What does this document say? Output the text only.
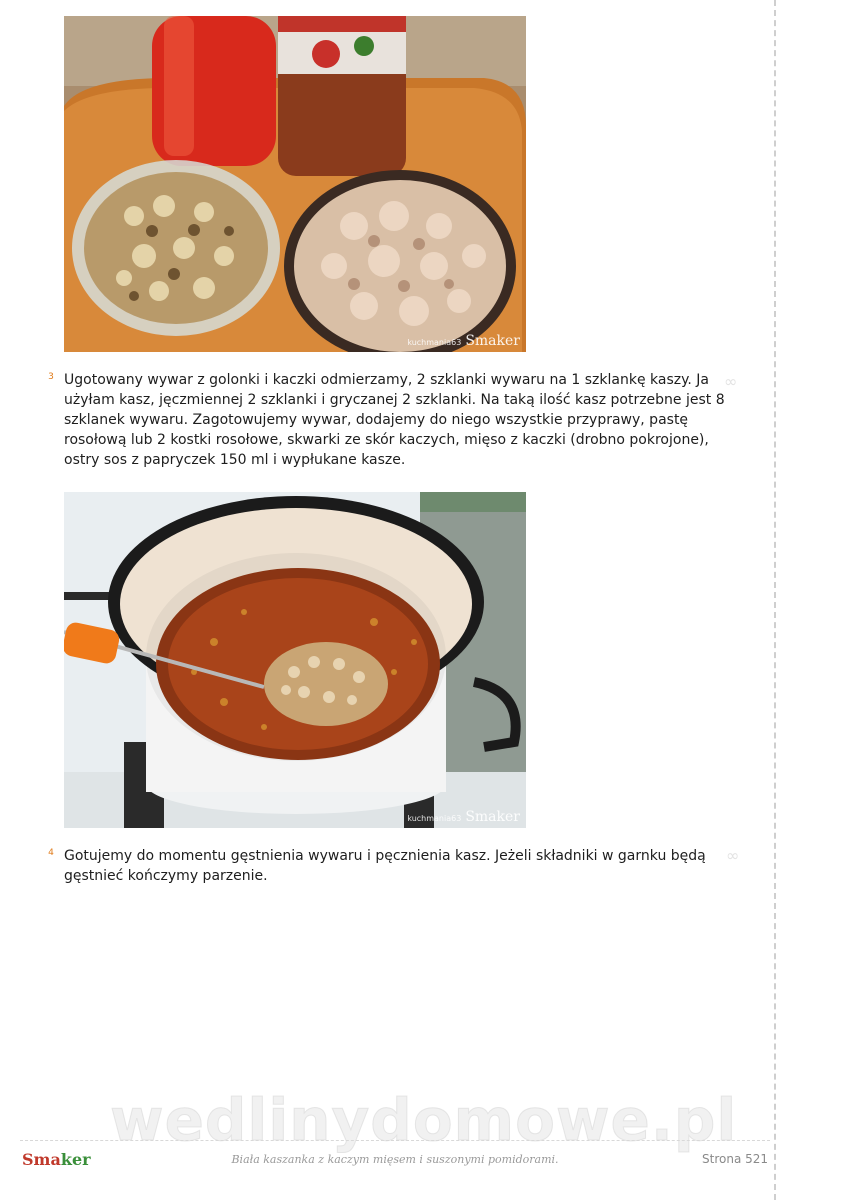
kuchmania63 Smaker
3 Ugotowany wywar z golonki i kaczki odmierzamy, 2 szklanki wywaru na 1 szklankę kaszy. Ja użyłam kasz, jęczmiennej 2 szklanki i gryczanej 2 szklanki. Na taką ilość kasz potrzebne jest 8 szklanek wywaru. Zagotowujemy wywar, dodajemy do niego wszystkie przyprawy, pastę rosołową lub 2 kostki rosołowe, skwarki ze skór kaczych, mięso z kaczki (drobno pokrojone), ostry sos z papryczek 150 ml i wypłukane kasze.
∞
kuchmania63 Smaker
4 Gotujemy do momentu gęstnienia wywaru i pęcznienia kasz. Jeżeli składniki w garnku będą gęstnieć kończymy parzenie.
∞
wedlinydomowe.pl
Smaker	Biała kaszanka z kaczym mięsem i suszonymi pomidorami.	Strona 521
